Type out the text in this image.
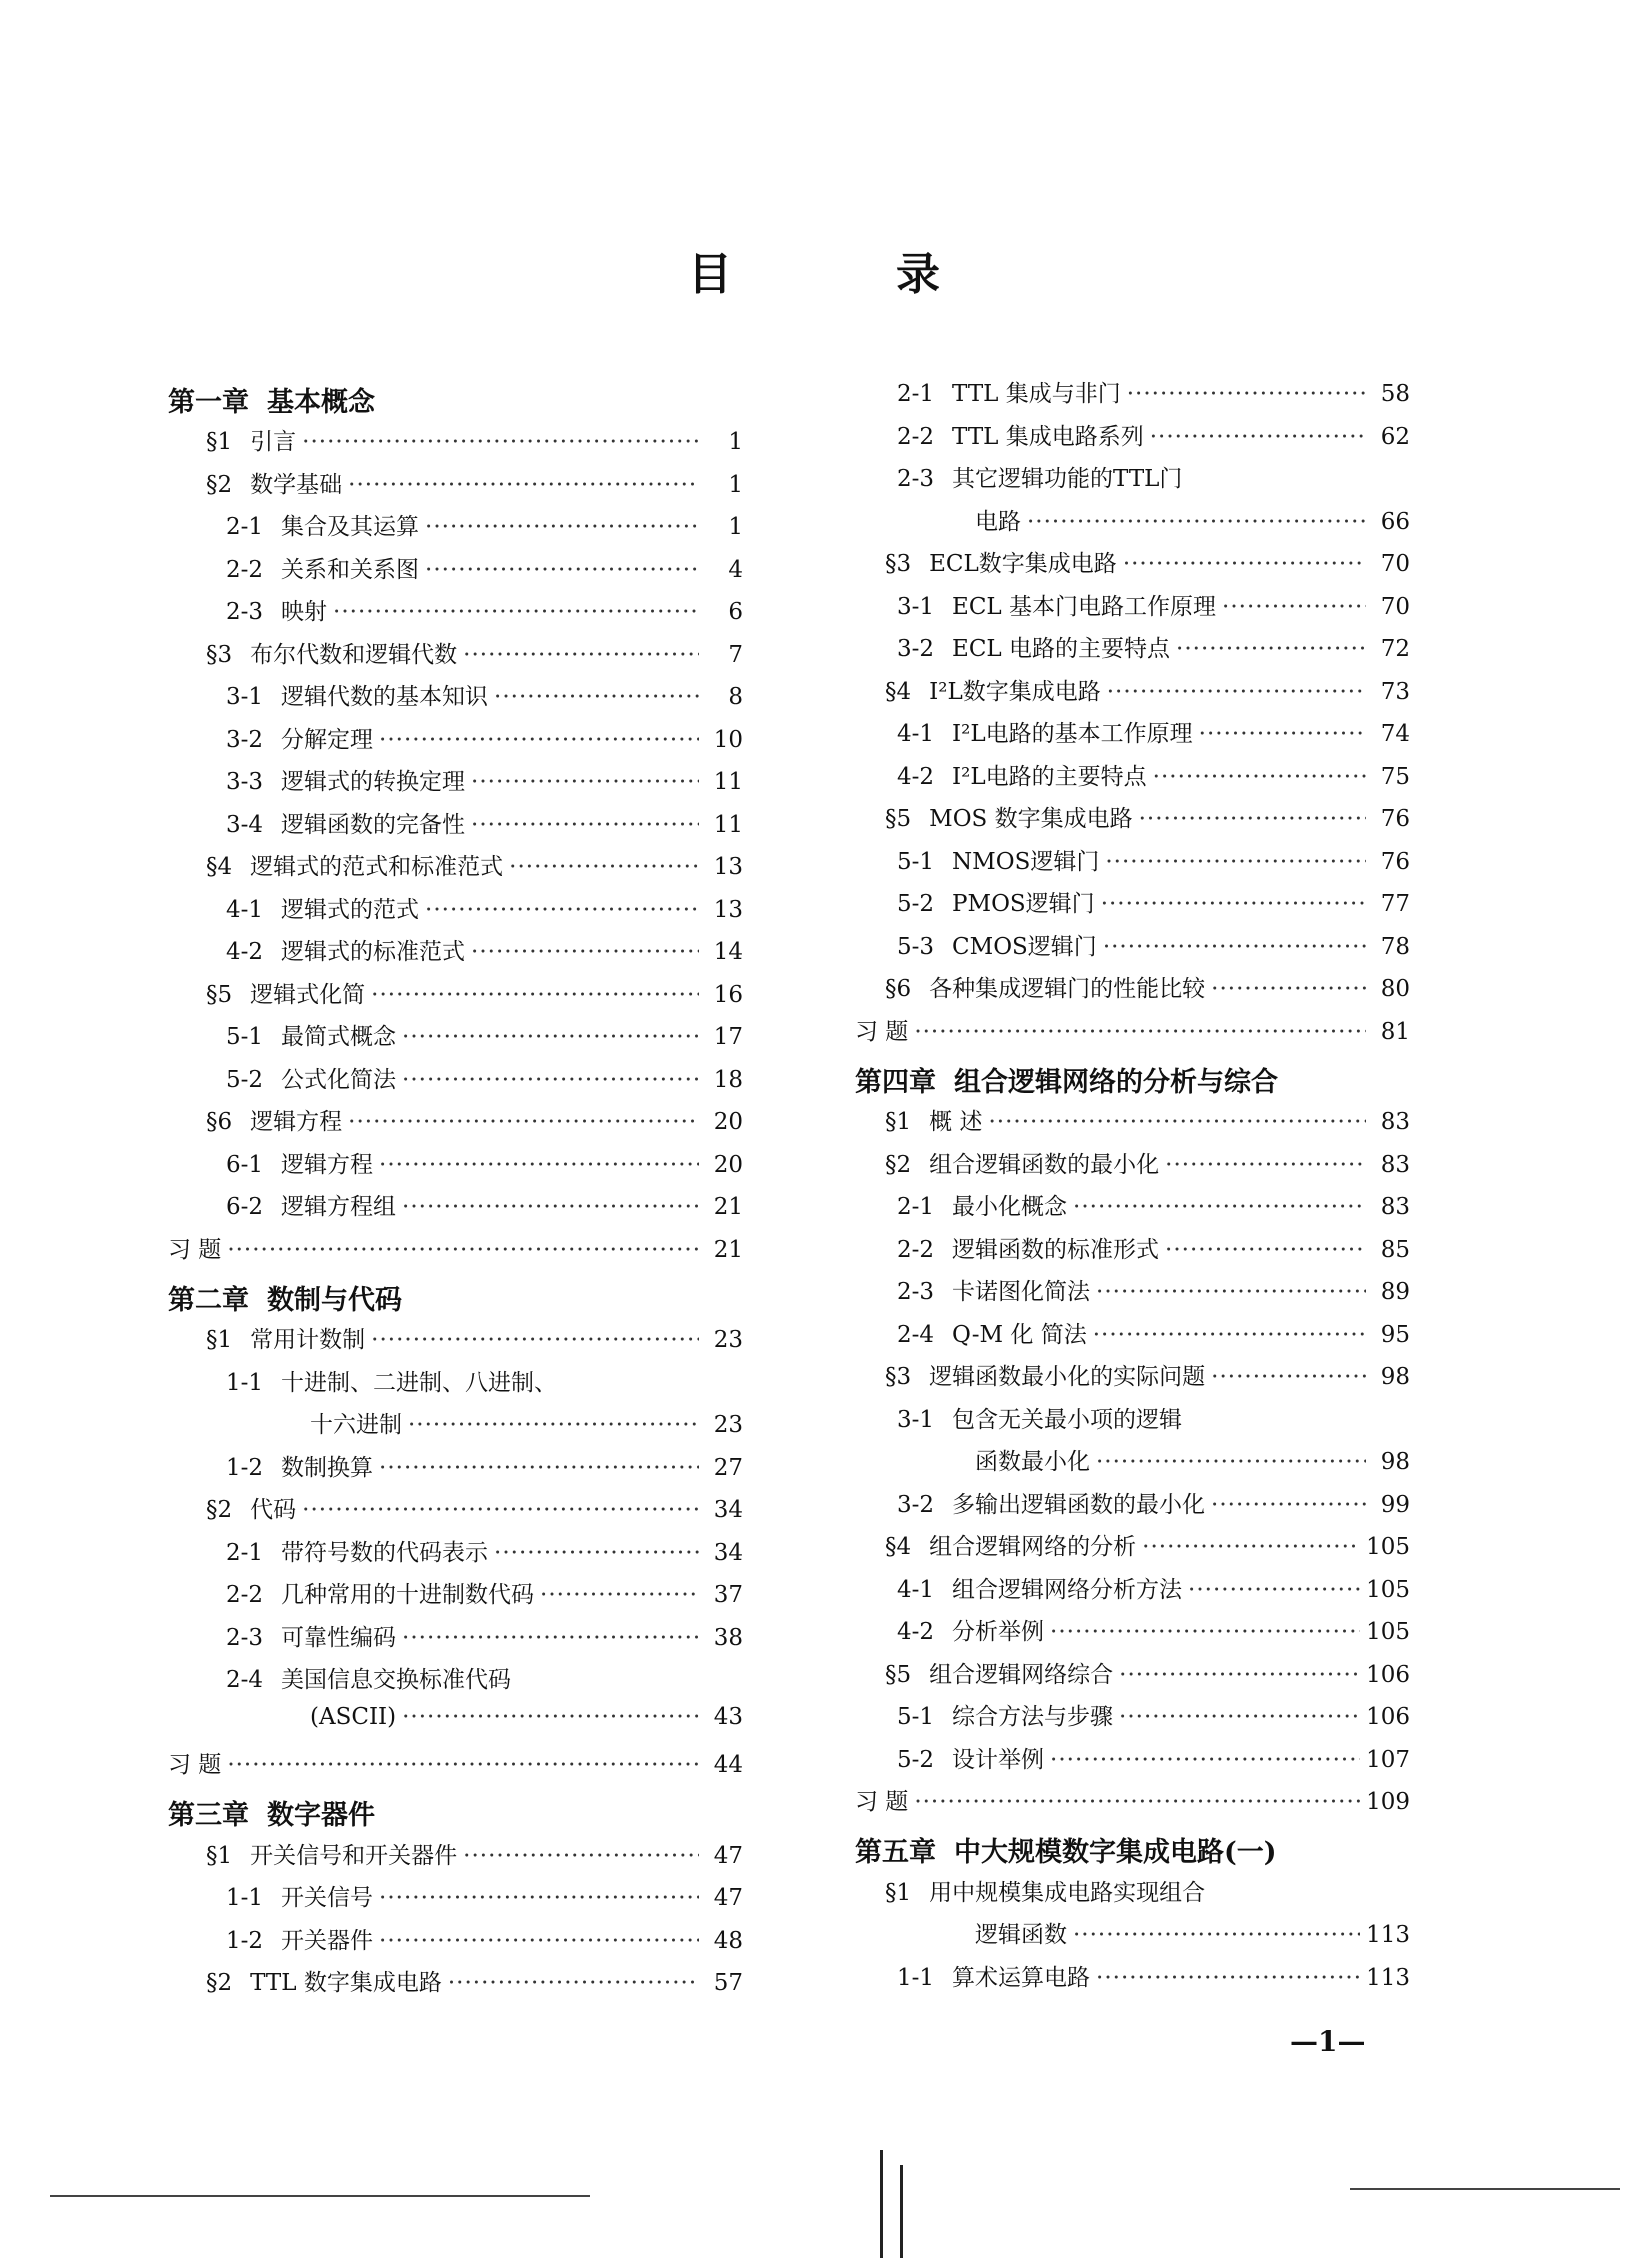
目　录
第一章 基本概念
§1 引言 ·····	1
§2 数学基础 ·····	1
2-1 集合及其运算 ·····	1
2-2 关系和关系图 ·····	4
2-3 映射 ·····	6
§3 布尔代数和逻辑代数 ·····	7
3-1 逻辑代数的基本知识 ·····	8
3-2 分解定理 ·····	10
3-3 逻辑式的转换定理 ·····	11
3-4 逻辑函数的完备性 ·····	11
§4 逻辑式的范式和标准范式 ·····	13
4-1 逻辑式的范式 ·····	13
4-2 逻辑式的标准范式 ·····	14
§5 逻辑式化简 ·····	16
5-1 最简式概念 ·····	17
5-2 公式化简法 ·····	18
§6 逻辑方程 ·····	20
6-1 逻辑方程 ·····	20
6-2 逻辑方程组 ·····	21
习 题 ·····	21
第二章 数制与代码
§1 常用计数制 ·····	23
1-1 十进制、二进制、八进制、
十六进制 ·····	23
1-2 数制换算 ·····	27
§2 代码 ·····	34
2-1 带符号数的代码表示 ·····	34
2-2 几种常用的十进制数代码 ·····	37
2-3 可靠性编码 ·····	38
2-4 美国信息交换标准代码
(ASCII) ·····	43
习 题 ·····	44
第三章 数字器件
§1 开关信号和开关器件 ·····	47
1-1 开关信号 ·····	47
1-2 开关器件 ·····	48
§2 TTL 数字集成电路 ·····	57
2-1 TTL 集成与非门 ·····	58
2-2 TTL 集成电路系列 ·····	62
2-3 其它逻辑功能的TTL门
电路 ·····	66
§3 ECL数字集成电路 ·····	70
3-1 ECL 基本门电路工作原理 ·····	70
3-2 ECL 电路的主要特点 ·····	72
§4 I²L数字集成电路 ·····	73
4-1 I²L电路的基本工作原理 ·····	74
4-2 I²L电路的主要特点 ·····	75
§5 MOS 数字集成电路 ·····	76
5-1 NMOS逻辑门 ·····	76
5-2 PMOS逻辑门 ·····	77
5-3 CMOS逻辑门 ·····	78
§6 各种集成逻辑门的性能比较 ·····	80
习 题 ·····	81
第四章 组合逻辑网络的分析与综合
§1 概 述 ·····	83
§2 组合逻辑函数的最小化 ·····	83
2-1 最小化概念 ·····	83
2-2 逻辑函数的标准形式 ·····	85
2-3 卡诺图化简法 ·····	89
2-4 Q-M 化 简法 ·····	95
§3 逻辑函数最小化的实际问题 ·····	98
3-1 包含无关最小项的逻辑
函数最小化 ·····	98
3-2 多输出逻辑函数的最小化 ·····	99
§4 组合逻辑网络的分析 ·····	105
4-1 组合逻辑网络分析方法 ·····	105
4-2 分析举例 ·····	105
§5 组合逻辑网络综合 ·····	106
5-1 综合方法与步骤 ·····	106
5-2 设计举例 ·····	107
习 题 ·····	109
第五章 中大规模数字集成电路(一)
§1 用中规模集成电路实现组合
逻辑函数 ·····	113
1-1 算术运算电路 ·····	113
—1—
